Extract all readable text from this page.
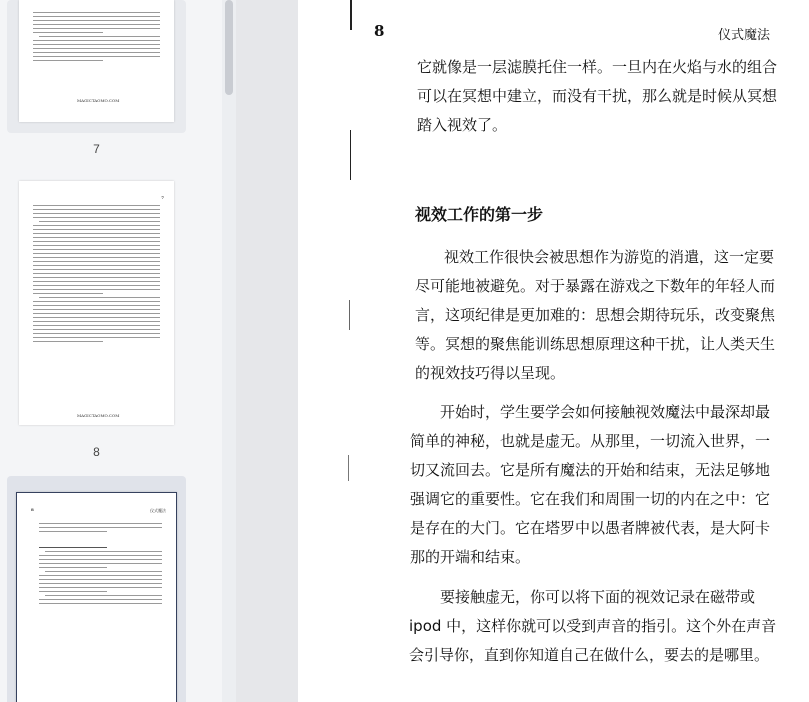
MAGICTAOMO.COM
7
7
MAGICTAOMO.COM
8
8	仪式魔法
8	仪式魔法
它就像是一层滤膜托住一样。一旦内在火焰与水的组合
可以在冥想中建立，而没有干扰，那么就是时候从冥想
踏入视效了。
视效工作的第一步
视效工作很快会被思想作为游览的消遣，这一定要
尽可能地被避免。对于暴露在游戏之下数年的年轻人而
言，这项纪律是更加难的：思想会期待玩乐，改变聚焦
等。冥想的聚焦能训练思想原理这种干扰，让人类天生
的视效技巧得以呈现。
开始时，学生要学会如何接触视效魔法中最深却最
简单的神秘，也就是虚无。从那里，一切流入世界，一
切又流回去。它是所有魔法的开始和结束，无法足够地
强调它的重要性。它在我们和周围一切的内在之中：它
是存在的大门。它在塔罗中以愚者牌被代表，是大阿卡
那的开端和结束。
要接触虚无，你可以将下面的视效记录在磁带或
ipod 中，这样你就可以受到声音的指引。这个外在声音
会引导你，直到你知道自己在做什么，要去的是哪里。
